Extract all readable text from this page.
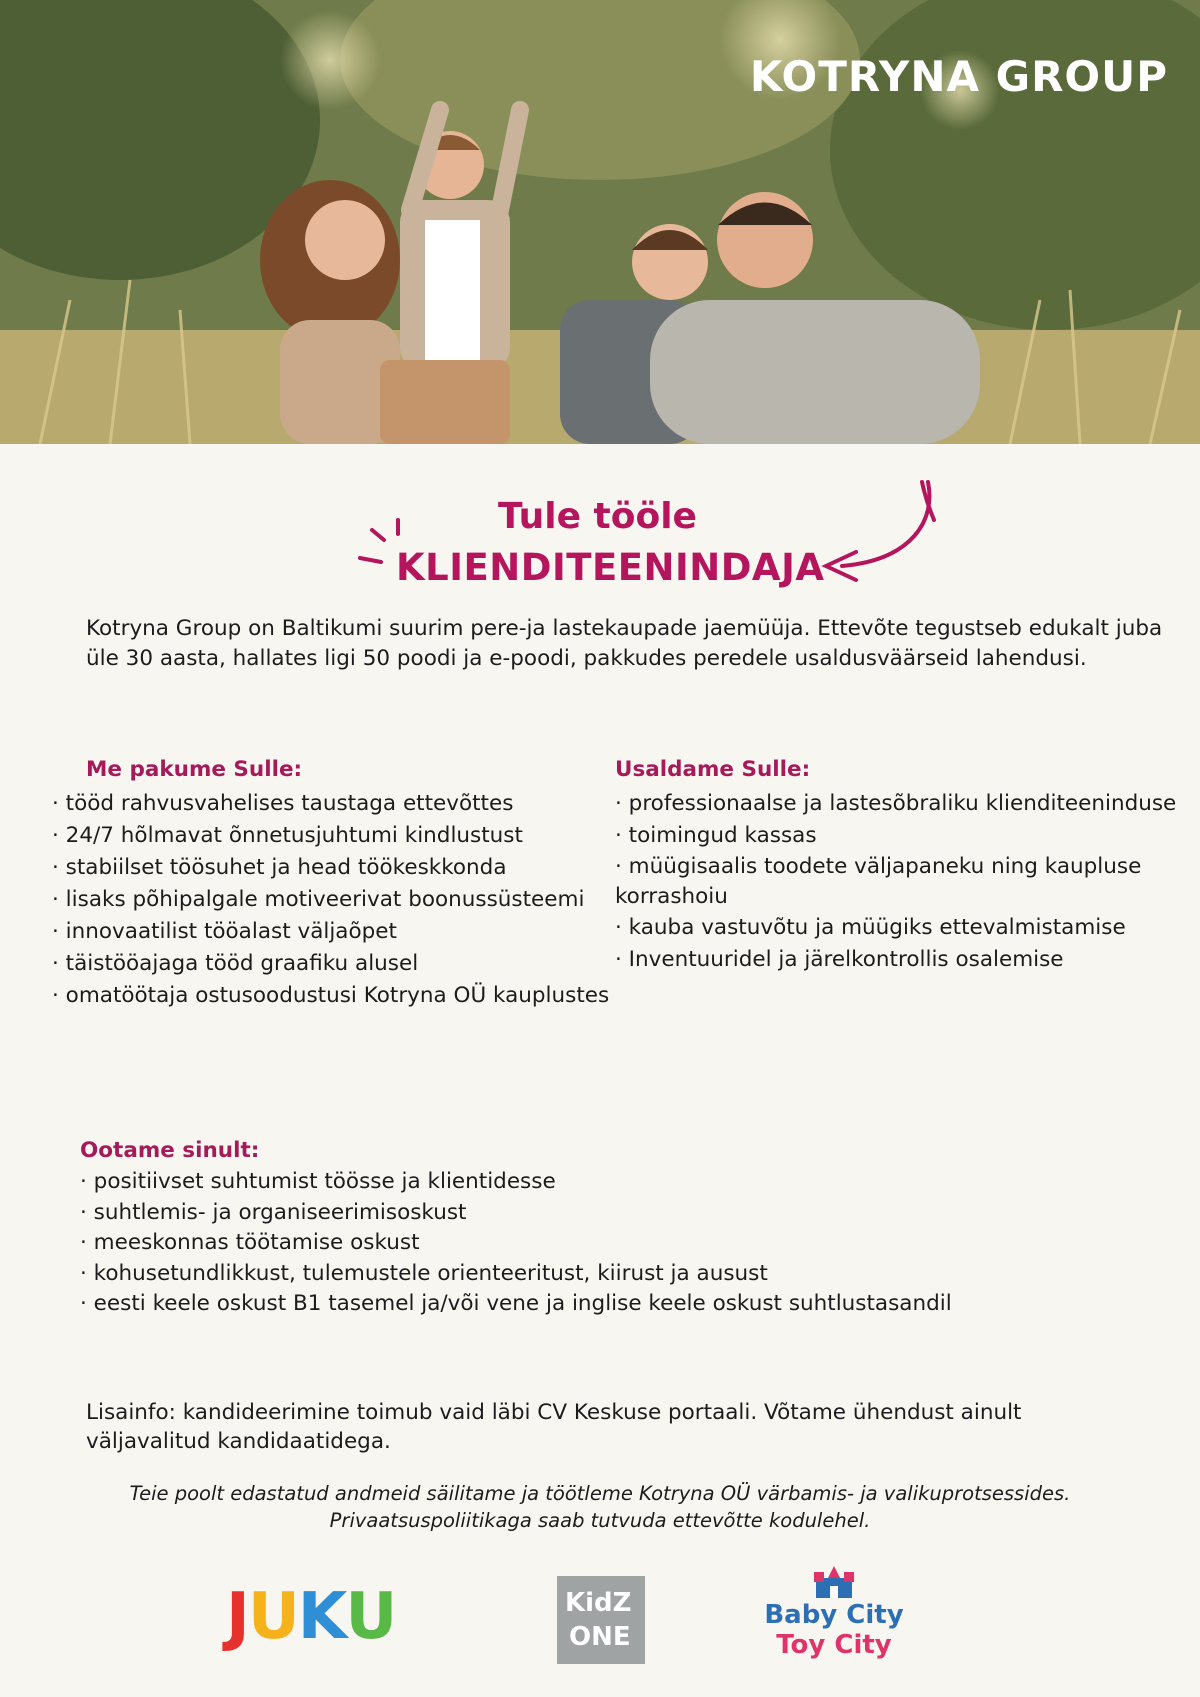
KOTRYNA GROUP
Tule tööle
KLIENDITEENINDAJA
Kotryna Group on Baltikumi suurim pere-ja lastekaupade jaemüüja. Ettevõte tegustseb edukalt juba üle 30 aasta, hallates ligi 50 poodi ja e-poodi, pakkudes peredele usaldusväärseid lahendusi.
Me pakume Sulle:
· tööd rahvusvahelises taustaga ettevõttes
· 24/7 hõlmavat õnnetusjuhtumi kindlustust
· stabiilset töösuhet ja head töökeskkonda
· lisaks põhipalgale motiveerivat boonussüsteemi
· innovaatilist tööalast väljaõpet
· täistööajaga tööd graafiku alusel
· omatöötaja ostusoodustusi Kotryna OÜ kauplustes
Usaldame Sulle:
· professionaalse ja lastesõbraliku klienditeeninduse
· toimingud kassas
· müügisaalis toodete väljapaneku ning kaupluse korrashoiu
· kauba vastuvõtu ja müügiks ettevalmistamise
· Inventuuridel ja järelkontrollis osalemise
Ootame sinult:
· positiivset suhtumist töösse ja klientidesse
· suhtlemis- ja organiseerimisoskust
· meeskonnas töötamise oskust
· kohusetundlikkust, tulemustele orienteeritust, kiirust ja ausust
· eesti keele oskust B1 tasemel ja/või vene ja inglise keele oskust suhtlustasandil
Lisainfo: kandideerimine toimub vaid läbi CV Keskuse portaali. Võtame ühendust ainult väljavalitud kandidaatidega.
Teie poolt edastatud andmeid säilitame ja töötleme Kotryna OÜ värbamis- ja valikuprotsessides.
Privaatsuspoliitikaga saab tutvuda ettevõtte kodulehel.
JUKU	KidZ
ONE
Baby City
Toy City
